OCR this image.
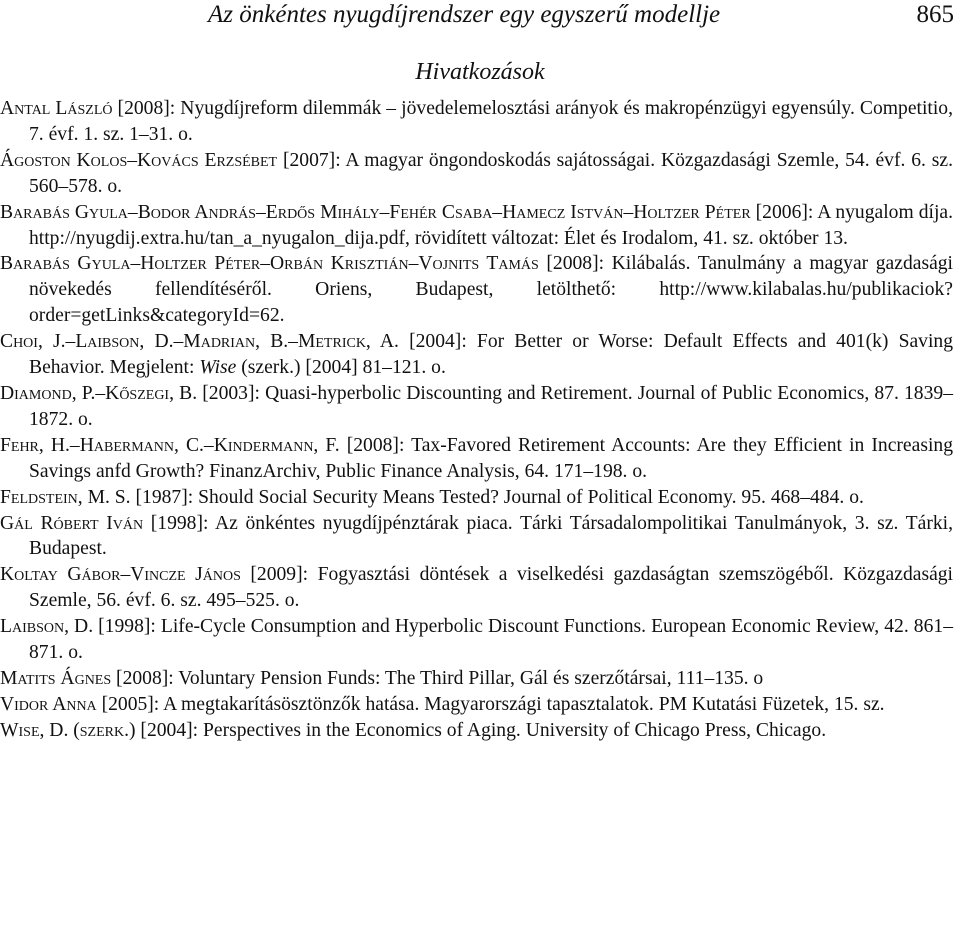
Az önkéntes nyugdíjrendszer egy egyszerű modellje	865
Hivatkozások

Antal László [2008]: Nyugdíjreform dilemmák – jövedelemelosztási arányok és makropénzügyi egyensúly. Competitio, 7. évf. 1. sz. 1–31. o.

Ágoston Kolos–Kovács Erzsébet [2007]: A magyar öngondoskodás sajátosságai. Közgazdasági Szemle, 54. évf. 6. sz. 560–578. o.

Barabás Gyula–Bodor András–Erdős Mihály–Fehér Csaba–Hamecz István–Holtzer Péter [2006]: A nyugalom díja. http://nyugdij.extra.hu/tan_a_nyugalon_dija.pdf, rövidített változat: Élet és Irodalom, 41. sz. október 13.

Barabás Gyula–Holtzer Péter–Orbán Krisztián–Vojnits Tamás [2008]: Kilábalás. Tanulmány a magyar gazdasági növekedés fellendítéséről. Oriens, Budapest, letölthető: http://www.kilabalas.hu/publikaciok?order=getLinks&categoryId=62.

Choi, J.–Laibson, D.–Madrian, B.–Metrick, A. [2004]: For Better or Worse: Default Effects and 401(k) Saving Behavior. Megjelent: Wise (szerk.) [2004] 81–121. o.

Diamond, P.–Kőszegi, B. [2003]: Quasi-hyperbolic Discounting and Retirement. Journal of Public Economics, 87. 1839–1872. o.

Fehr, H.–Habermann, C.–Kindermann, F. [2008]: Tax-Favored Retirement Accounts: Are they Efficient in Increasing Savings anfd Growth? FinanzArchiv, Public Finance Analysis, 64. 171–198. o.

Feldstein, M. S. [1987]: Should Social Security Means Tested? Journal of Political Economy. 95. 468–484. o.

Gál Róbert Iván [1998]: Az önkéntes nyugdíjpénztárak piaca. Tárki Társadalompolitikai Tanulmányok, 3. sz. Tárki, Budapest.

Koltay Gábor–Vincze János [2009]: Fogyasztási döntések a viselkedési gazdaságtan szemszögéből. Közgazdasági Szemle, 56. évf. 6. sz. 495–525. o.

Laibson, D. [1998]: Life-Cycle Consumption and Hyperbolic Discount Functions. European Economic Review, 42. 861–871. o.

Matits Ágnes [2008]: Voluntary Pension Funds: The Third Pillar, Gál és szerzőtársai, 111–135. o

Vidor Anna [2005]: A megtakarításösztönzők hatása. Magyarországi tapasztalatok. PM Kutatási Füzetek, 15. sz.

Wise, D. (szerk.) [2004]: Perspectives in the Economics of Aging. University of Chicago Press, Chicago.
